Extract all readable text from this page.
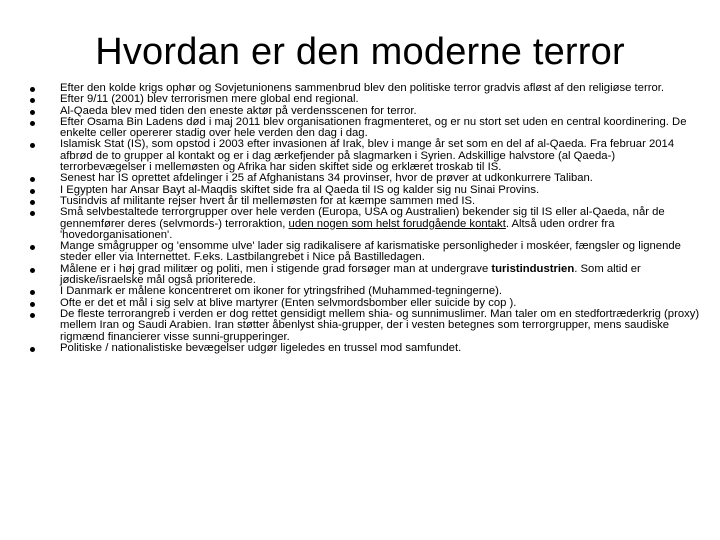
Hvordan er den moderne terror
Efter den kolde krigs ophør og Sovjetunionens sammenbrud blev den politiske terror gradvis afløst af den religiøse terror.
Efter 9/11 (2001) blev terrorismen mere global end regional.
Al-Qaeda blev med tiden den eneste aktør på verdensscenen for terror.
Efter Osama Bin Ladens død i maj 2011 blev organisationen fragmenteret, og er nu stort set uden en central koordinering. De enkelte celler opererer stadig over hele verden den dag i dag.
Islamisk Stat (IS), som opstod i 2003 efter invasionen af Irak, blev i mange år set som en del af al-Qaeda. Fra februar 2014 afbrød de to grupper al kontakt og er i dag ærkefjender på slagmarken i Syrien. Adskillige halvstore (al Qaeda-) terrorbevægelser i mellemøsten og Afrika har siden skiftet side og erklæret troskab til IS.
Senest har IS oprettet afdelinger i 25 af Afghanistans 34 provinser, hvor de prøver at udkonkurrere Taliban.
I Egypten har Ansar Bayt al-Maqdis skiftet side fra al Qaeda til IS og kalder sig nu Sinai Provins.
Tusindvis af militante rejser hvert år til mellemøsten for at kæmpe sammen med IS.
Små selvbestaltede terrorgrupper over hele verden (Europa, USA og Australien) bekender sig til IS eller al-Qaeda, når de gennemfører deres (selvmords-) terroraktion, uden nogen som helst forudgående kontakt. Altså uden ordrer fra 'hovedorganisationen'.
Mange smågrupper og 'ensomme ulve' lader sig radikalisere af karismatiske personligheder i moskéer, fængsler og lignende steder eller via Internettet. F.eks. Lastbilangrebet i Nice på Bastilledagen.
Målene er i høj grad militær og politi, men i stigende grad forsøger man at undergrave turistindustrien. Som altid er jødiske/israelske mål også prioriterede.
I Danmark er målene koncentreret om ikoner for ytringsfrihed (Muhammed-tegningerne).
Ofte er det et mål i sig selv at blive martyrer (Enten selvmordsbomber eller suicide by cop ).
De fleste terrorangreb i verden er dog rettet gensidigt mellem shia- og sunnimuslimer. Man taler om en stedfortræderkrig (proxy) mellem Iran og Saudi Arabien. Iran støtter åbenlyst shia-grupper, der i vesten betegnes som terrorgrupper, mens saudiske rigmænd financierer visse sunni-grupperinger.
Politiske / nationalistiske bevægelser udgør ligeledes en trussel mod samfundet.
